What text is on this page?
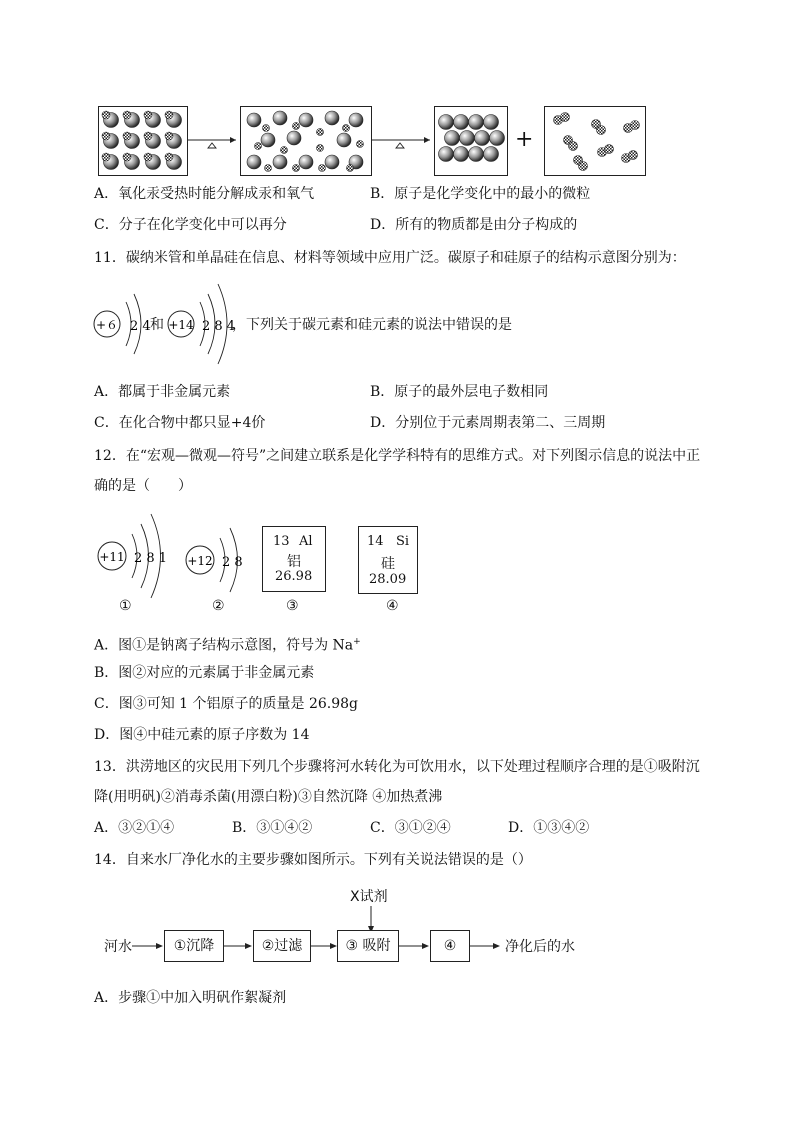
+
A．氧化汞受热时能分解成汞和氧气	B．原子是化学变化中的最小的微粒
C．分子在化学变化中可以再分	D．所有的物质都是由分子构成的
11．碳纳米管和单晶硅在信息、材料等领域中应用广泛。碳原子和硅原子的结构示意图分别为：
+６ 2 4 和 +14 2 8 4
，下列关于碳元素和硅元素的说法中错误的是
A．都属于非金属元素	B．原子的最外层电子数相同
C．在化合物中都只显+4价	D．分别位于元素周期表第二、三周期
12．在“宏观—微观—符号”之间建立联系是化学学科特有的思维方式。对下列图示信息的说法中正
确的是（　　）
+11 2 8 1
①
+12 2 8
②
13 Al
铝
26.98
③
14 Si
硅
28.09
④
A．图①是钠离子结构示意图，符号为 Na+
B．图②对应的元素属于非金属元素
C．图③可知 1 个铝原子的质量是 26.98g
D．图④中硅元素的原子序数为 14
13．洪涝地区的灾民用下列几个步骤将河水转化为可饮用水，以下处理过程顺序合理的是①吸附沉
降(用明矾)②消毒杀菌(用漂白粉)③自然沉降 ④加热煮沸
A．③②①④	B．③①④②	C．③①②④	D．①③④②
14．自来水厂净化水的主要步骤如图所示。下列有关说法错误的是（）
X试剂
河水	①沉降	②过滤	③ 吸附	④	净化后的水
A．步骤①中加入明矾作絮凝剂
